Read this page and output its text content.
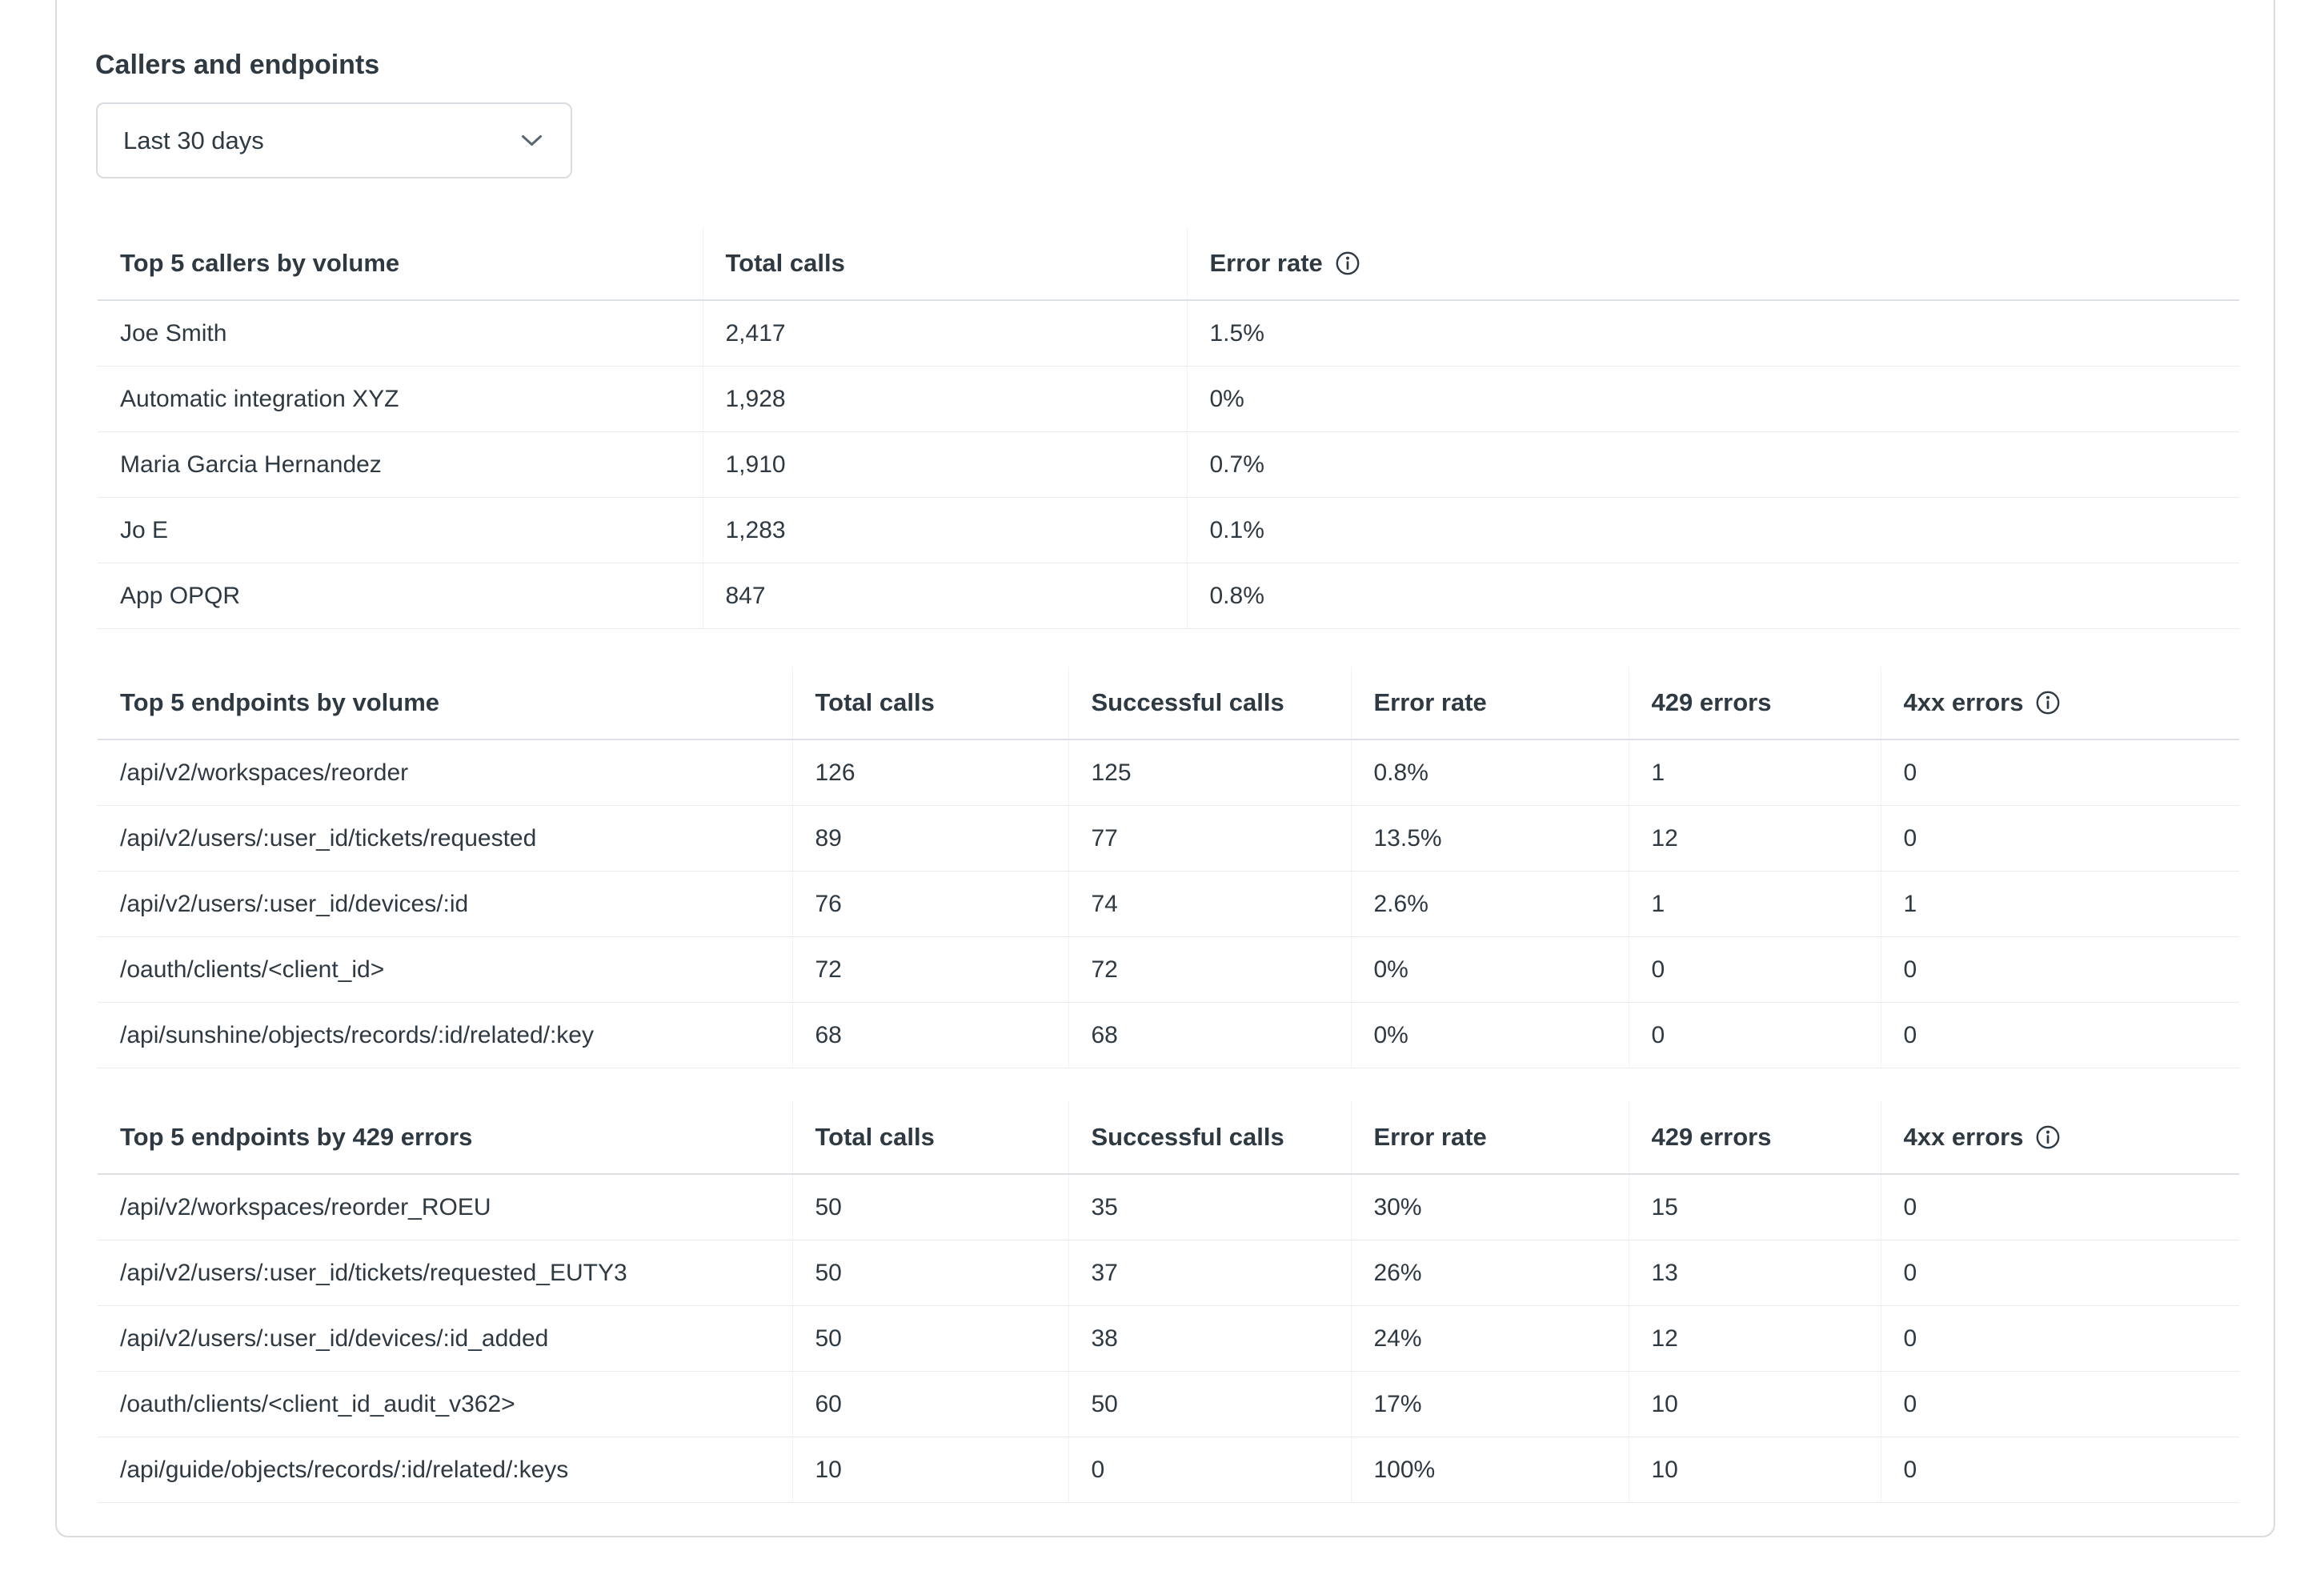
Callers and endpoints
Last 30 days
Top 5 callers by volume	Total calls	Error rate

Joe Smith	2,417	1.5%
Automatic integration XYZ	1,928	0%
Maria Garcia Hernandez	1,910	0.7%
Jo E	1,283	0.1%
App OPQR	847	0.8%
Top 5 endpoints by volume	Total calls	Successful calls	Error rate	429 errors	4xx errors

/api/v2/workspaces/reorder	126	125	0.8%	1	0
/api/v2/users/:user_id/tickets/requested	89	77	13.5%	12	0
/api/v2/users/:user_id/devices/:id	76	74	2.6%	1	1
/oauth/clients/<client_id>	72	72	0%	0	0
/api/sunshine/objects/records/:id/related/:key	68	68	0%	0	0
Top 5 endpoints by 429 errors	Total calls	Successful calls	Error rate	429 errors	4xx errors

/api/v2/workspaces/reorder_ROEU	50	35	30%	15	0
/api/v2/users/:user_id/tickets/requested_EUTY3	50	37	26%	13	0
/api/v2/users/:user_id/devices/:id_added	50	38	24%	12	0
/oauth/clients/<client_id_audit_v362>	60	50	17%	10	0
/api/guide/objects/records/:id/related/:keys	10	0	100%	10	0
